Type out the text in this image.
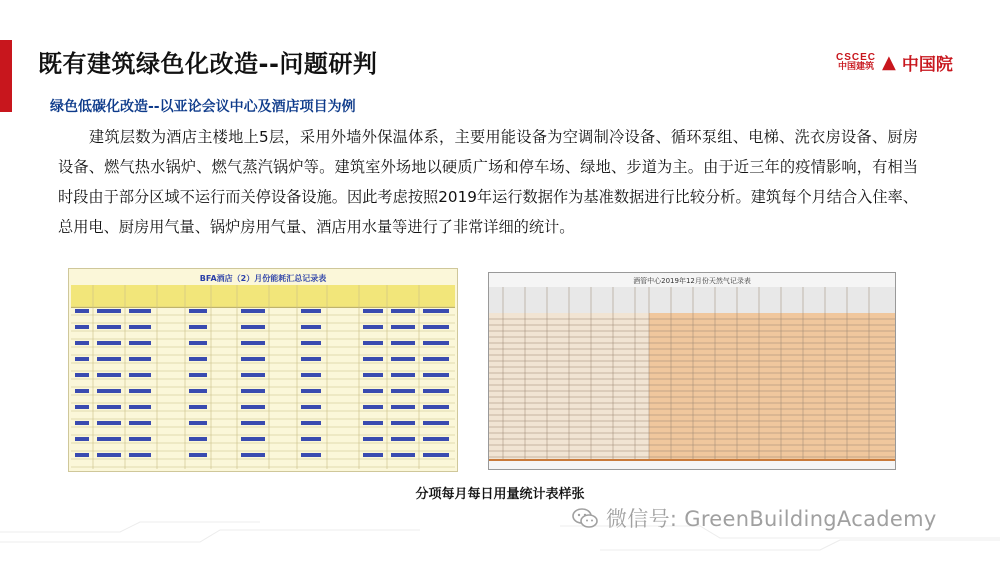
既有建筑绿色化改造--问题研判	CSCEC
中国建筑 ▲ 中国院
绿色低碳化改造--以亚论会议中心及酒店项目为例
建筑层数为酒店主楼地上5层，采用外墙外保温体系，主要用能设备为空调制冷设备、循环泵组、电梯、洗衣房设备、厨房设备、燃气热水锅炉、燃气蒸汽锅炉等。建筑室外场地以硬质广场和停车场、绿地、步道为主。由于近三年的疫情影响，有相当时段由于部分区域不运行而关停设备设施。因此考虑按照2019年运行数据作为基准数据进行比较分析。建筑每个月结合入住率、总用电、厨房用气量、锅炉房用气量、酒店用水量等进行了非常详细的统计。
BFA酒店（2）月份能耗汇总记录表	酒管中心2019年12月份天然气记录表
分项每月每日用量统计表样张
微信号: GreenBuildingAcademy
